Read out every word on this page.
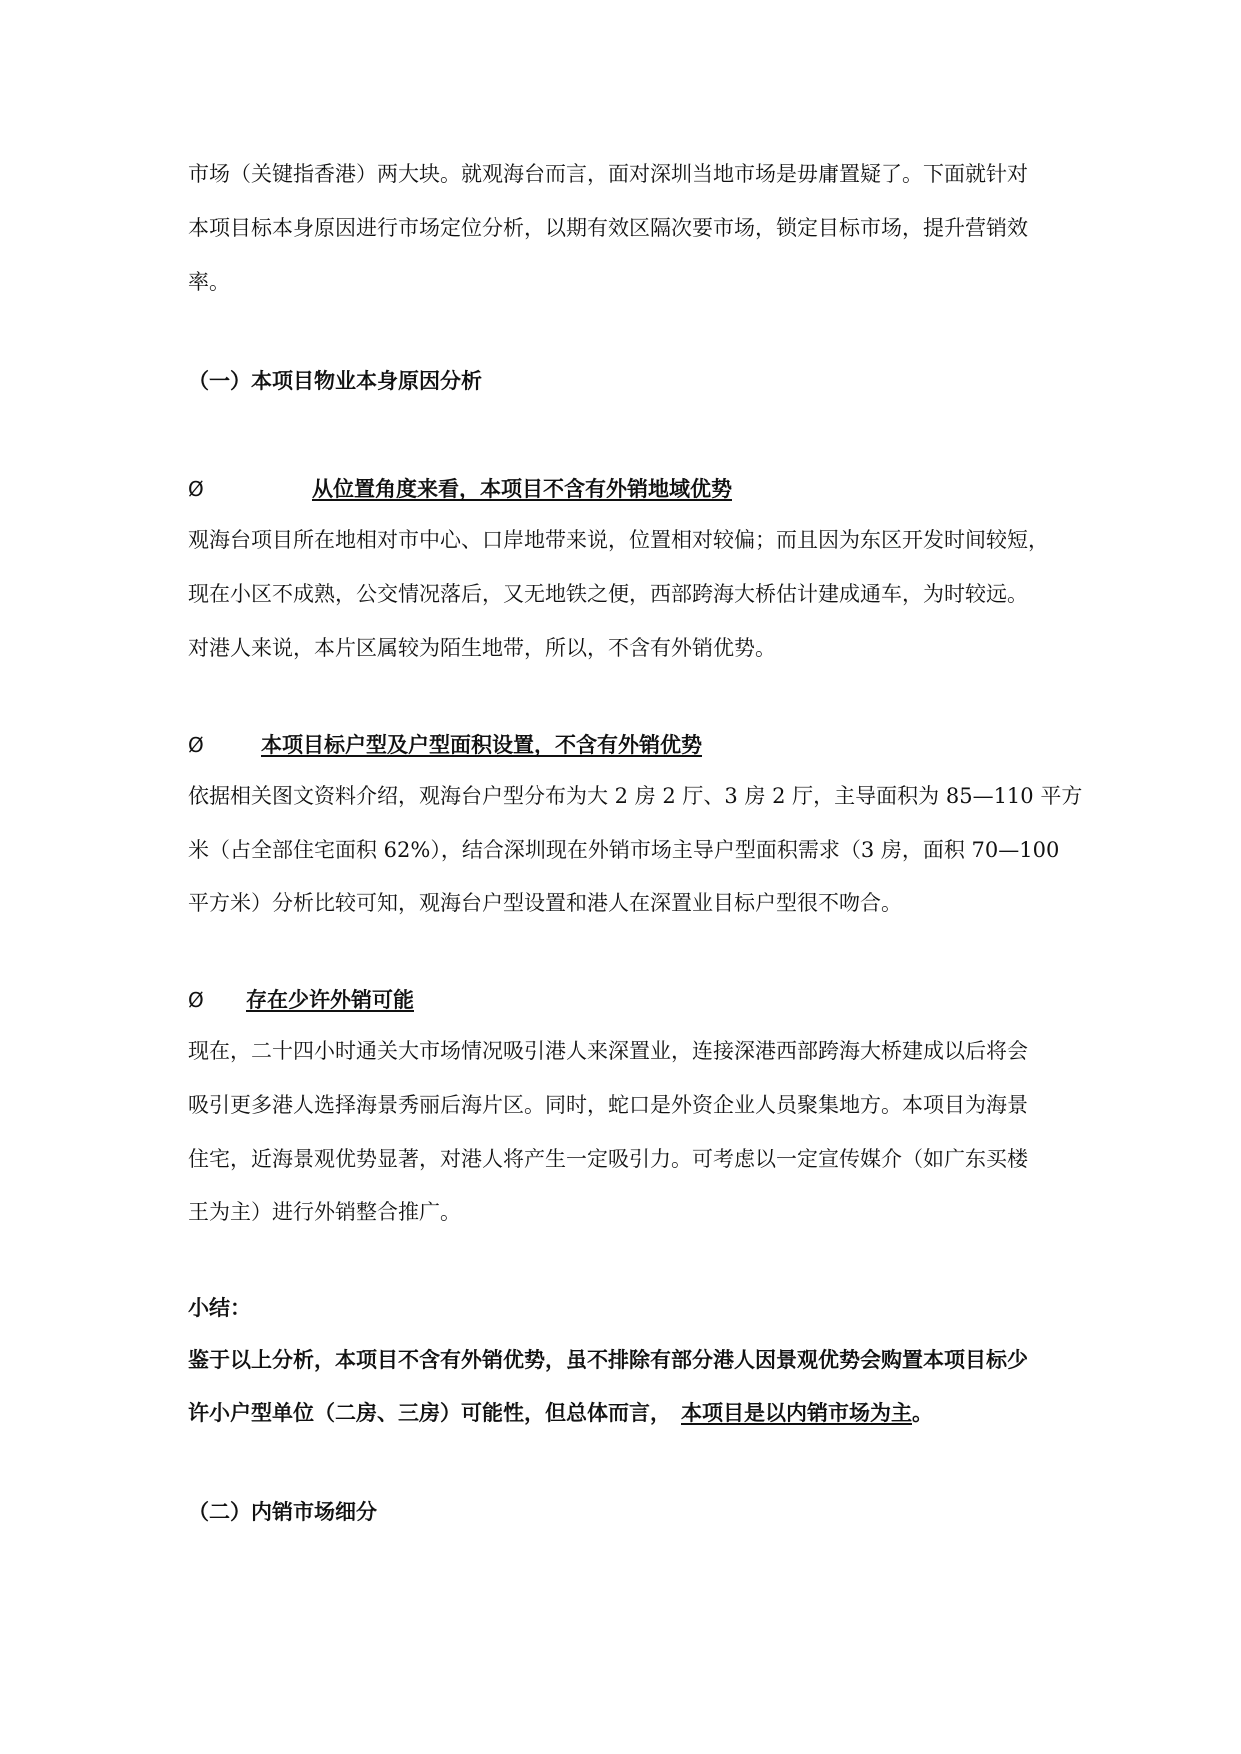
市场（关键指香港）两大块。就观海台而言，面对深圳当地市场是毋庸置疑了。下面就针对
本项目标本身原因进行市场定位分析，以期有效区隔次要市场，锁定目标市场，提升营销效
率。
（一）本项目物业本身原因分析
Ø	从位置角度来看，本项目不含有外销地域优势
观海台项目所在地相对市中心、口岸地带来说，位置相对较偏；而且因为东区开发时间较短，
现在小区不成熟，公交情况落后，又无地铁之便，西部跨海大桥估计建成通车，为时较远。
对港人来说，本片区属较为陌生地带，所以，不含有外销优势。
Ø	本项目标户型及户型面积设置，不含有外销优势
依据相关图文资料介绍，观海台户型分布为大 2 房 2 厅、3 房 2 厅，主导面积为 85—110 平方
米（占全部住宅面积 62%），结合深圳现在外销市场主导户型面积需求（3 房，面积 70—100
平方米）分析比较可知，观海台户型设置和港人在深置业目标户型很不吻合。
Ø 存在少许外销可能
现在，二十四小时通关大市场情况吸引港人来深置业，连接深港西部跨海大桥建成以后将会
吸引更多港人选择海景秀丽后海片区。同时，蛇口是外资企业人员聚集地方。本项目为海景
住宅，近海景观优势显著，对港人将产生一定吸引力。可考虑以一定宣传媒介（如广东买楼
王为主）进行外销整合推广。
小结：
鉴于以上分析，本项目不含有外销优势，虽不排除有部分港人因景观优势会购置本项目标少
许小户型单位（二房、三房）可能性，但总体而言， 本项目是以内销市场为主。
（二）内销市场细分
